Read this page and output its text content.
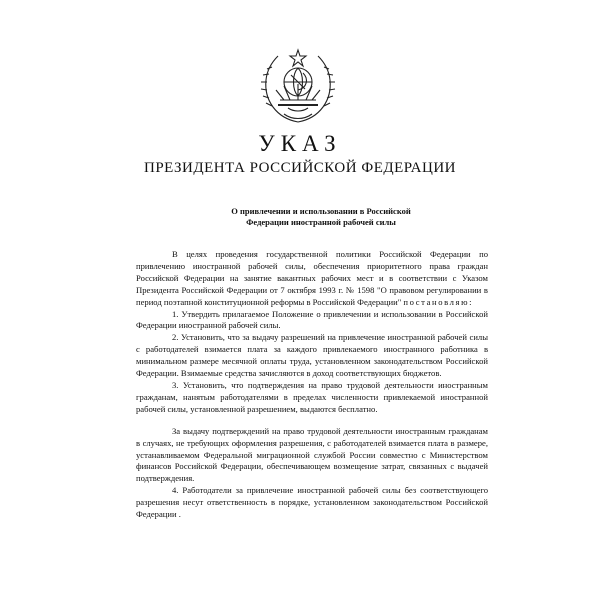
УКАЗ
ПРЕЗИДЕНТА РОССИЙСКОЙ ФЕДЕРАЦИИ
О привлечении и использовании в Российской
Федерации иностранной рабочей силы

В целях проведения государственной политики Российской Федерации по привлечению иностранной рабочей силы, обеспечения приоритетного права граждан Российской Федерации на занятие вакантных рабочих мест и в соответствии с Указом Президента Российской Федерации от 7 октября 1993 г. № 1598 "О правовом регулировании в период поэтапной конституционной реформы в Российской Федерации" постановляю:

1. Утвердить прилагаемое Положение о привлечении и использовании в Российской Федерации иностранной рабочей силы.

2. Установить, что за выдачу разрешений на привлечение иностранной рабочей силы с работодателей взимается плата за каждого привлекаемого иностранного работника в минимальном размере месячной оплаты труда, установленном законодательством Российской Федерации. Взимаемые средства зачисляются в доход соответствующих бюджетов.

3. Установить, что подтверждения на право трудовой деятельности иностранным гражданам, нанятым работодателями в пределах численности привлекаемой иностранной рабочей силы, установленной разрешением, выдаются бесплатно.

За выдачу подтверждений на право трудовой деятельности иностранным гражданам в случаях, не требующих оформления разрешения, с работодателей взимается плата в размере, устанавливаемом Федеральной миграционной службой России совместно с Министерством финансов Российской Федерации, обеспечивающем возмещение затрат, связанных с выдачей подтверждения.

4. Работодатели за привлечение иностранной рабочей силы без соответствующего разрешения несут ответственность в порядке, установленном законодательством Российской Федерации .
